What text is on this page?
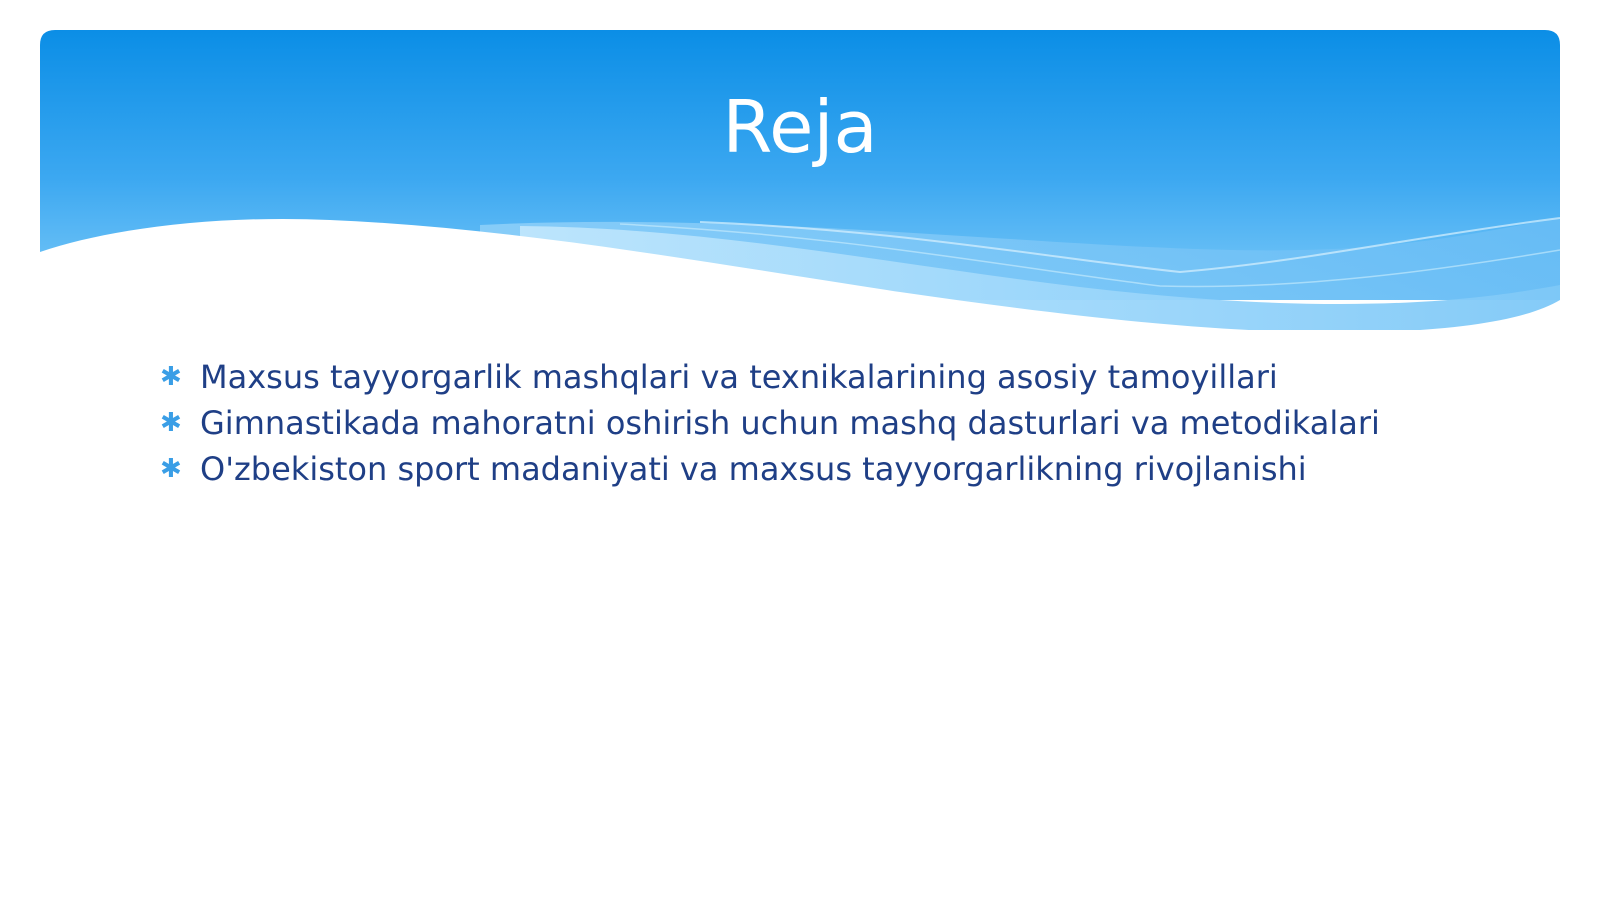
Reja
✱ Maxsus tayyorgarlik mashqlari va texnikalarining asosiy tamoyillari
✱ Gimnastikada mahoratni oshirish uchun mashq dasturlari va metodikalari
✱ O'zbekiston sport madaniyati va maxsus tayyorgarlikning rivojlanishi
